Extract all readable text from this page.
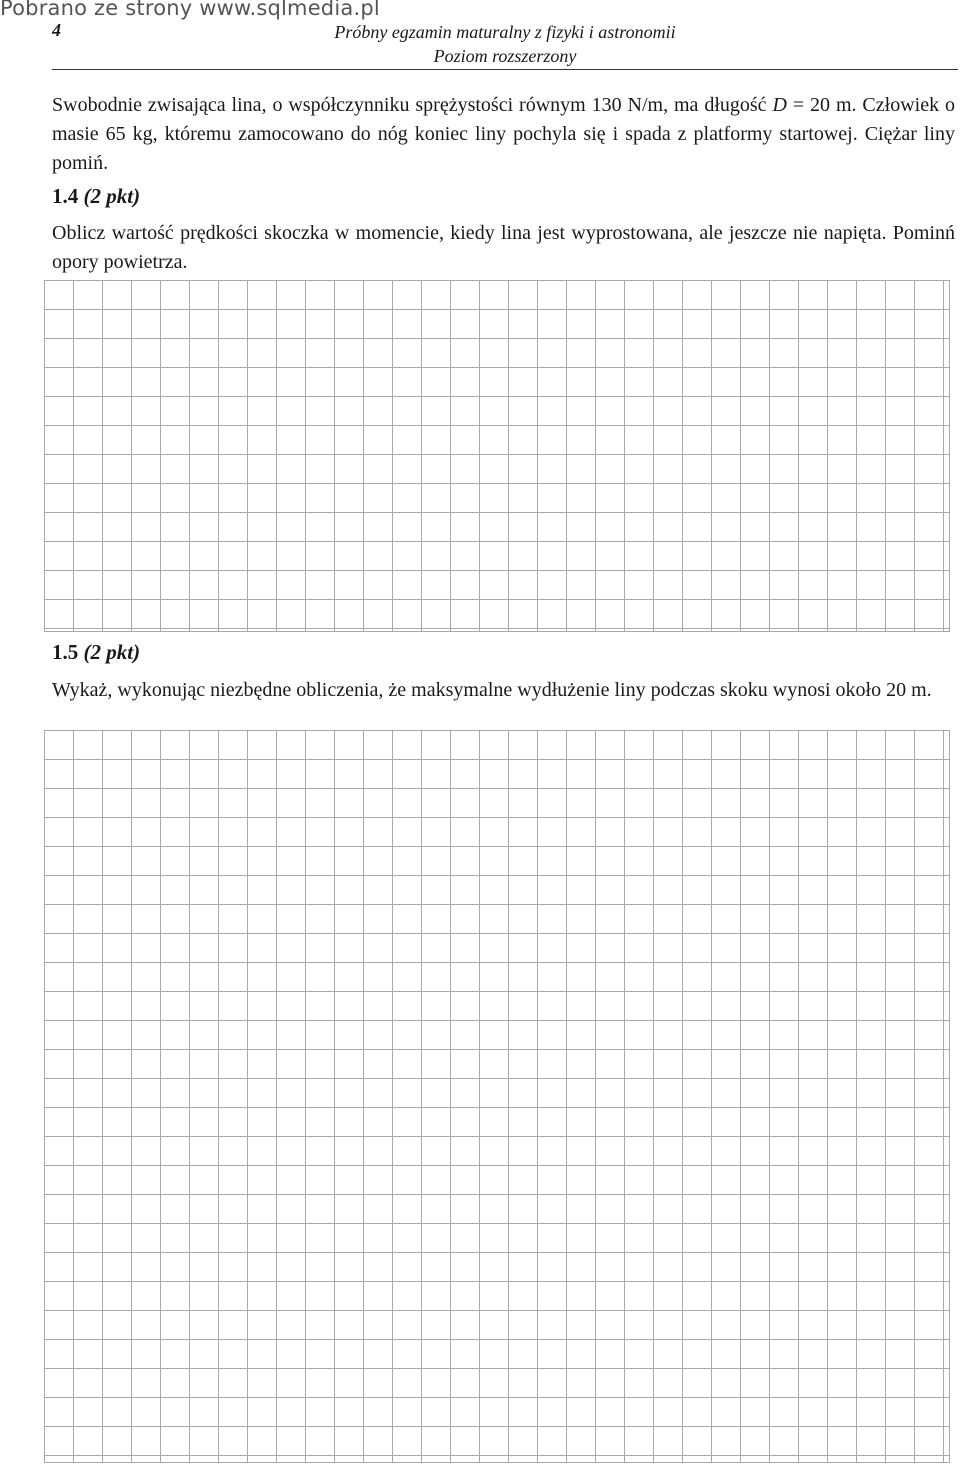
Pobrano ze strony www.sqlmedia.pl
4	Próbny egzamin maturalny z fizyki i astronomii
Poziom rozszerzony

Swobodnie zwisająca lina, o współczynniku sprężystości równym 130 N/m, ma długość D = 20 m. Człowiek o masie 65 kg, któremu zamocowano do nóg koniec liny pochyla się i spada z platformy startowej. Ciężar liny pomiń.

1.4 (2 pkt)

Oblicz wartość prędkości skoczka w momencie, kiedy lina jest wyprostowana, ale jeszcze nie napięta. Pominń opory powietrza.

1.5 (2 pkt)

Wykaż, wykonując niezbędne obliczenia, że maksymalne wydłużenie liny podczas skoku wynosi około 20 m.
